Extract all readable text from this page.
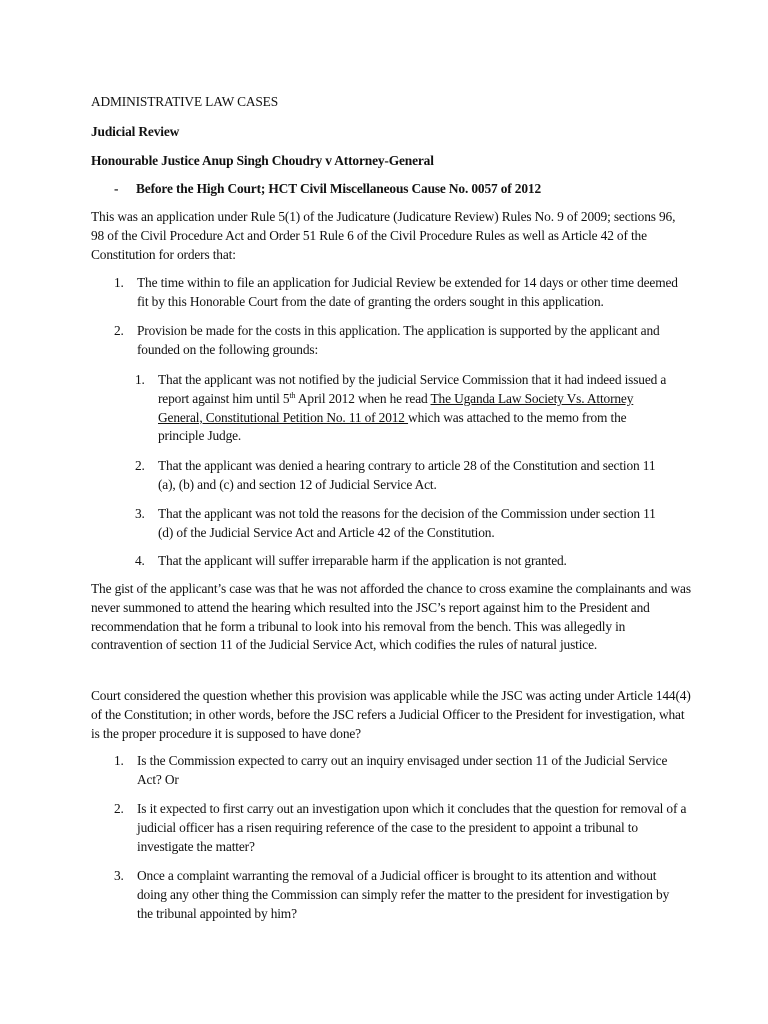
ADMINISTRATIVE LAW CASES

Judicial Review

Honourable Justice Anup Singh Choudry v Attorney-General

- Before the High Court; HCT Civil Miscellaneous Cause No. 0057 of 2012

This was an application under Rule 5(1) of the Judicature (Judicature Review) Rules No. 9 of 2009; sections 96, 98 of the Civil Procedure Act and Order 51 Rule 6 of the Civil Procedure Rules as well as Article 42 of the Constitution for orders that:

1. The time within to file an application for Judicial Review be extended for 14 days or other time deemed fit by this Honorable Court from the date of granting the orders sought in this application.
2. Provision be made for the costs in this application. The application is supported by the applicant and founded on the following grounds:
1. That the applicant was not notified by the judicial Service Commission that it had indeed issued a report against him until 5th April 2012 when he read The Uganda Law Society Vs. Attorney General, Constitutional Petition No. 11 of 2012 which was attached to the memo from the principle Judge.
2. That the applicant was denied a hearing contrary to article 28 of the Constitution and section 11 (a), (b) and (c) and section 12 of Judicial Service Act.
3. That the applicant was not told the reasons for the decision of the Commission under section 11 (d) of the Judicial Service Act and Article 42 of the Constitution.
4. That the applicant will suffer irreparable harm if the application is not granted.

The gist of the applicant’s case was that he was not afforded the chance to cross examine the complainants and was never summoned to attend the hearing which resulted into the JSC’s report against him to the President and recommendation that he form a tribunal to look into his removal from the bench. This was allegedly in contravention of section 11 of the Judicial Service Act, which codifies the rules of natural justice.

Court considered the question whether this provision was applicable while the JSC was acting under Article 144(4) of the Constitution; in other words, before the JSC refers a Judicial Officer to the President for investigation, what is the proper procedure it is supposed to have done?

1. Is the Commission expected to carry out an inquiry envisaged under section 11 of the Judicial Service Act? Or
2. Is it expected to first carry out an investigation upon which it concludes that the question for removal of a judicial officer has a risen requiring reference of the case to the president to appoint a tribunal to investigate the matter?
3. Once a complaint warranting the removal of a Judicial officer is brought to its attention and without doing any other thing the Commission can simply refer the matter to the president for investigation by the tribunal appointed by him?
